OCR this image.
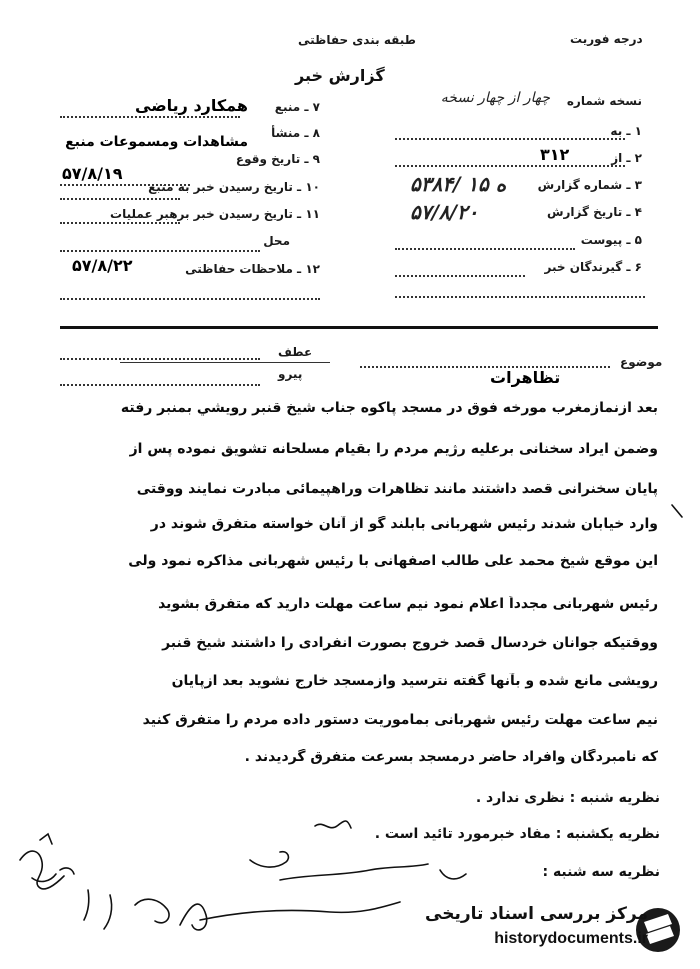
درجه فوريت
طبقه بندی حفاظتی
گزارش خبر
نسخه شماره
چهار از چهار نسخه
۱ ـ به
۲ ـ از
۳۱۲
۳ ـ شماره گزارش
۵۳۸۴/ ۱۵ ه
۴ ـ تاريخ گزارش
۵۷/۸/۲۰
۵ ـ پيوست
۶ ـ گيرندگان خبر
۷ ـ منبع
همکارد ریاضی
۸ ـ منشأ
مشاهدات ومسموعات منبع
۹ ـ تاريخ وقوع
۵۷/۸/۱۹
۱۰ ـ تاريخ رسيدن خبر به منبع
۱۱ ـ تاريخ رسيدن خبر برهبر عمليات
محل
۱۲ ـ ملاحظات حفاظتی
۵۷/۸/۲۲
عطف
پيرو
موضوع
تظاهرات
بعد ازنمازمغرب مورخه فوق در مسجد پاکوه جناب شيخ قنبر رويشي بمنبر رفته
وضمن ايراد سخنانی برعليه رژيم مردم را بقيام مسلحانه تشويق نموده پس از
پايان سخنرانی قصد داشتند مانند تظاهرات وراهپيمائی مبادرت نمايند ووقتی
وارد خيابان شدند رئيس شهربانی بابلند گو از آنان خواسته متفرق شوند در
اين موقع شيخ محمد علی طالب اصفهانی با رئيس شهربانی مذاکره نمود ولی
رئيس شهربانی مجدداً اعلام نمود نيم ساعت مهلت داريد که متفرق بشويد
ووقتيکه جوانان خردسال قصد خروج بصورت انفرادی را داشتند شيخ قنبر
رويشی مانع شده و بآنها گفته نترسيد وازمسجد خارج نشويد بعد ازپايان
نيم ساعت مهلت رئيس شهربانی بماموريت دستور داده مردم را متفرق کنيد
که نامبردگان وافراد حاضر درمسجد بسرعت متفرق گرديدند .
نظريه شنبه : نظری ندارد .
نظريه يكشنبه : مفاد خبرمورد تائيد است .
نظريه سه شنبه :
مرکز بررسی اسناد تاریخی
historydocuments.ir
